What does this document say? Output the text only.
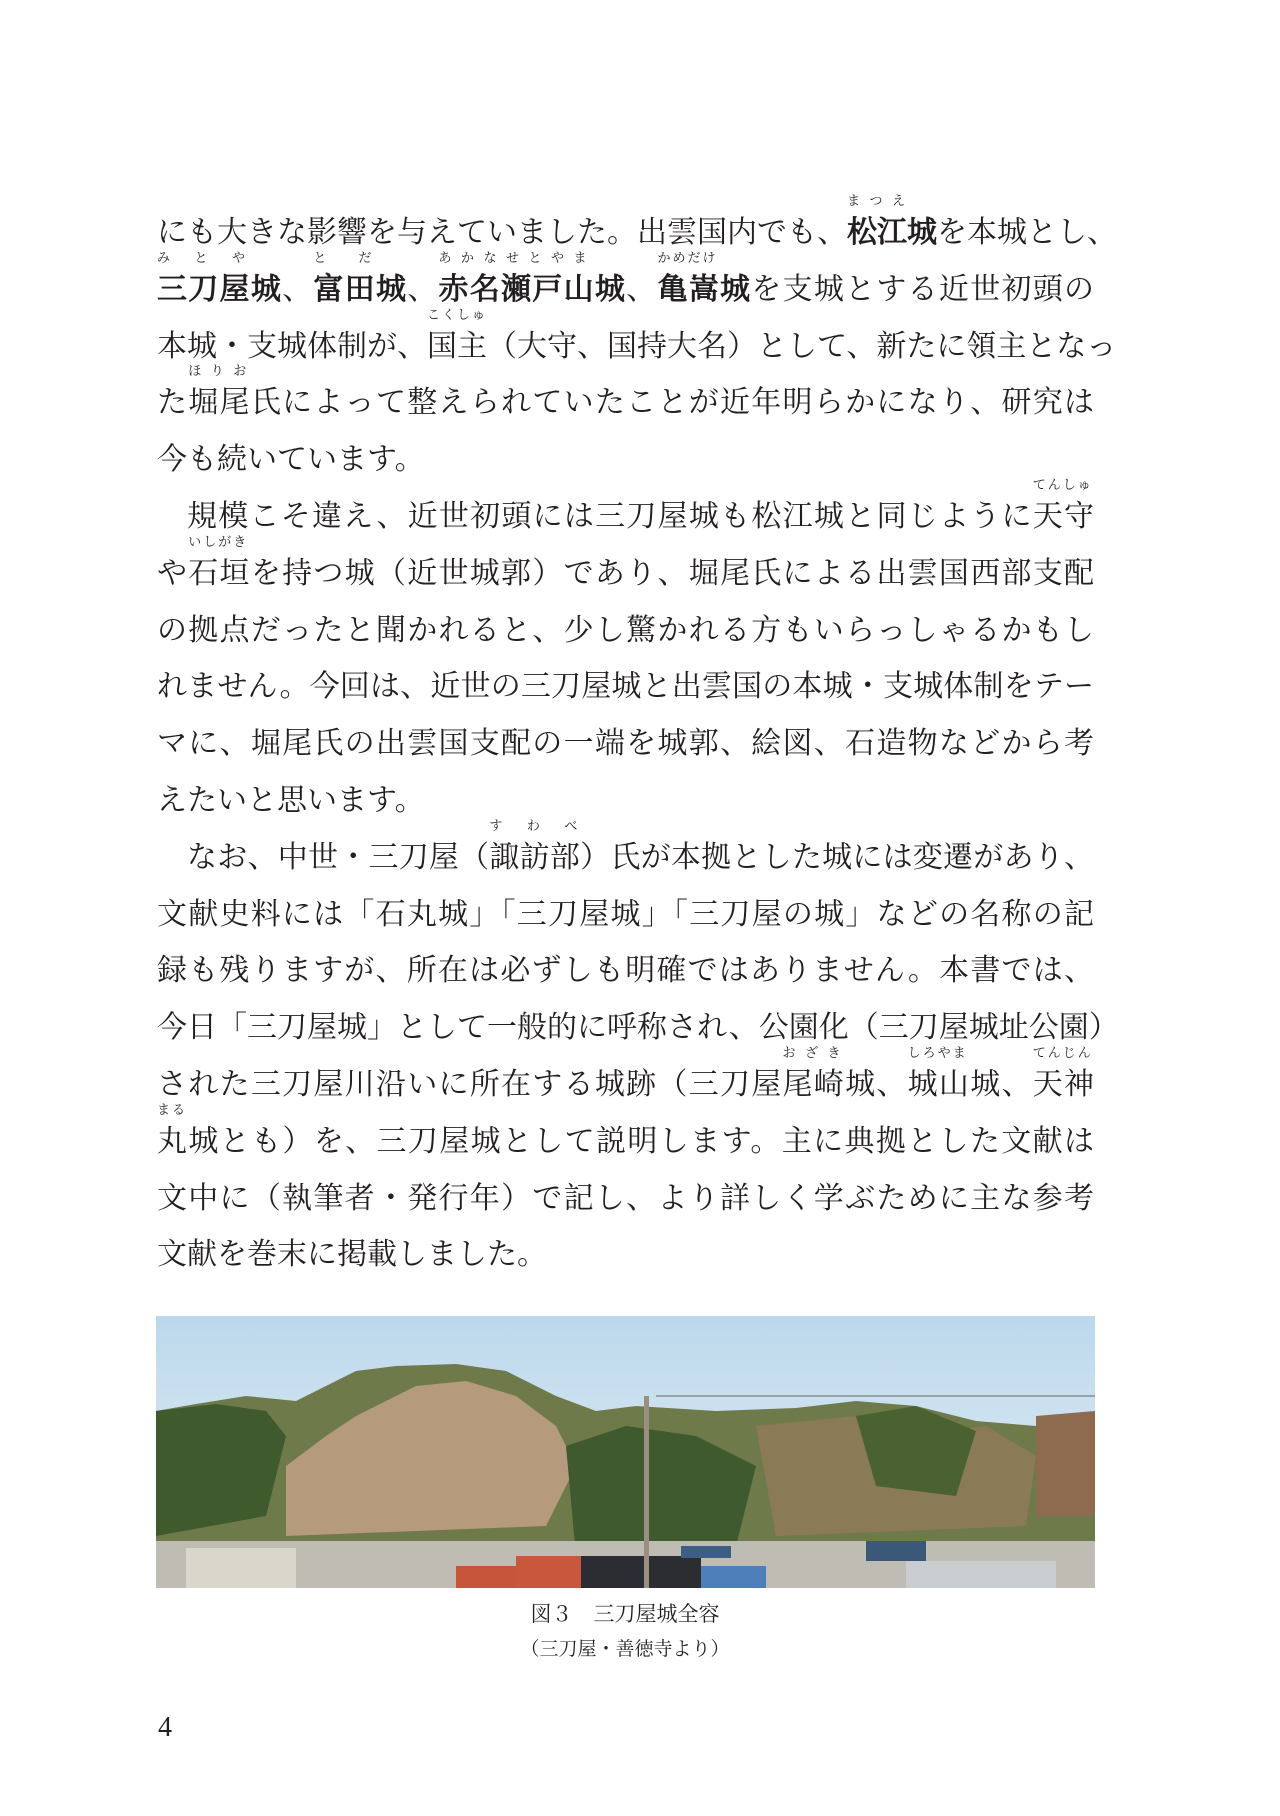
にも大きな影響を与えていました。出雲国内でも、松江城
まつえ
を本城とし、
三刀屋城
みとや
、富田城
とだ
、赤名瀬戸山城
あかなせとやま
、亀嵩城
かめだけ
を支城とする近世初頭の
本城・支城体制が、国主
こくしゅ
（大守、国持大名）として、新たに領主となっ
た堀尾
ほりお
氏によって整えられていたことが近年明らかになり、研究は
今も続いています。
規模こそ違え、近世初頭には三刀屋城も松江城と同じように天守
てんしゅ
や石垣
いしがき
を持つ城（近世城郭）であり、堀尾氏による出雲国西部支配
の拠点だったと聞かれると、少し驚かれる方もいらっしゃるかもし
れません。今回は、近世の三刀屋城と出雲国の本城・支城体制をテー
マに、堀尾氏の出雲国支配の一端を城郭、絵図、石造物などから考
えたいと思います。
なお、中世・三刀屋（諏訪部
すわべ
）氏が本拠とした城には変遷があり、
文献史料には「石丸城」「三刀屋城」「三刀屋の城」などの名称の記
録も残りますが、所在は必ずしも明確ではありません。本書では、
今日「三刀屋城」として一般的に呼称され、公園化（三刀屋城址公園）
された三刀屋川沿いに所在する城跡（三刀屋尾崎
おざき
城、城山
しろやま
城、天神
てんじん
丸
まる
城とも）を、三刀屋城として説明します。主に典拠とした文献は
文中に（執筆者・発行年）で記し、より詳しく学ぶために主な参考
文献を巻末に掲載しました。
図３　三刀屋城全容
（三刀屋・善徳寺より）
4
